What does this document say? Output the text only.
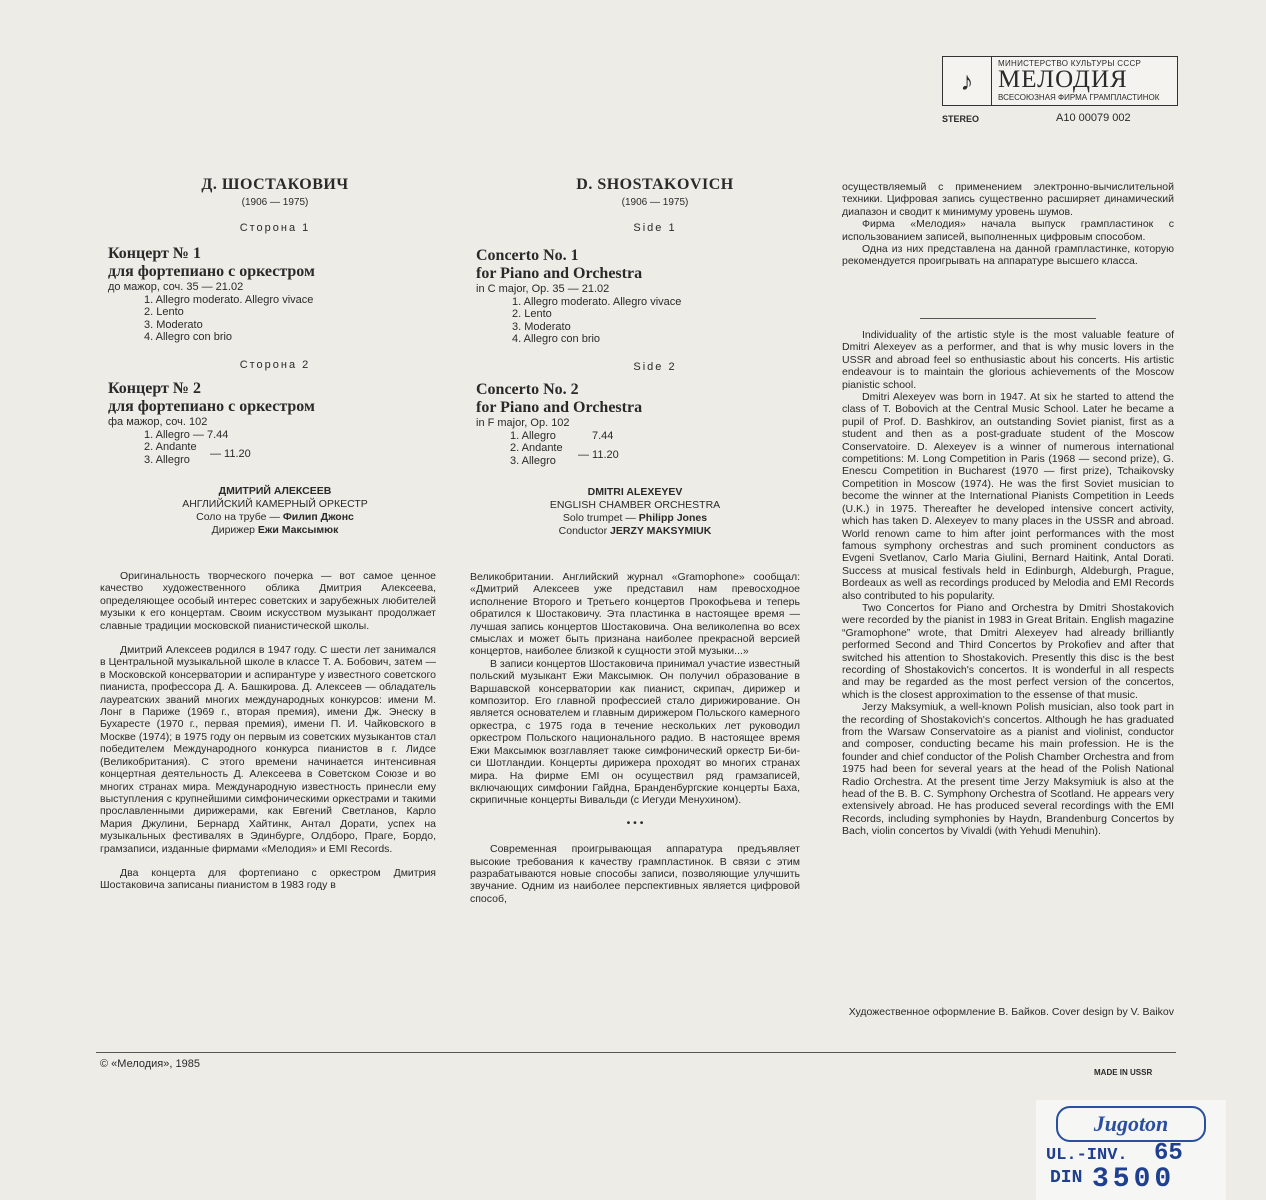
♪
МИНИСТЕРСТВО КУЛЬТУРЫ СССР
МЕЛОДИЯ
ВСЕСОЮЗНАЯ ФИРМА ГРАМПЛАСТИНОК
STEREO	А10 00079 002
Д. ШОСТАКОВИЧ
(1906 — 1975)
Сторона 1
Концерт № 1
для фортепиано с оркестром
до мажор, соч. 35 — 21.02
1. Allegro moderato. Allegro vivace
2. Lento
3. Moderato
4. Allegro con brio
Сторона 2
Концерт № 2
для фортепиано с оркестром
фа мажор, соч. 102
1. Allegro — 7.44
2. Andante
3. Allegro	— 11.20
ДМИТРИЙ АЛЕКСЕЕВ
АНГЛИЙСКИЙ КАМЕРНЫЙ ОРКЕСТР
Соло на трубе — Филип Джонс
Дирижер Ежи Максымюк
D. SHOSTAKOVICH
(1906 — 1975)
Side 1
Concerto No. 1
for Piano and Orchestra
in C major, Op. 35 — 21.02
1. Allegro moderato. Allegro vivace
2. Lento
3. Moderato
4. Allegro con brio
Side 2
Concerto No. 2
for Piano and Orchestra
in F major, Op. 102
1. Allegro
2. Andante
3. Allegro
7.44
— 11.20
DMITRI ALEXEYEV
ENGLISH CHAMBER ORCHESTRA
Solo trumpet — Philipp Jones
Conductor JERZY MAKSYMIUK

Оригинальность творческого почерка — вот самое ценное качество художественного облика Дмитрия Алексеева, определяющее особый интерес советских и зарубежных любителей музыки к его концертам. Своим искусством музыкант продолжает славные традиции московской пианистической школы.

Дмитрий Алексеев родился в 1947 году. С шести лет занимался в Центральной музыкальной школе в классе Т. А. Бобович, затем — в Московской консерватории и аспирантуре у известного советского пианиста, профессора Д. А. Башкирова. Д. Алексеев — обладатель лауреатских званий многих международных конкурсов: имени М. Лонг в Париже (1969 г., вторая премия), имени Дж. Энеску в Бухаресте (1970 г., первая премия), имени П. И. Чайковского в Москве (1974); в 1975 году он первым из советских музыкантов стал победителем Международного конкурса пианистов в г. Лидсе (Великобритания). С этого времени начинается интенсивная концертная деятельность Д. Алексеева в Советском Союзе и во многих странах мира. Международную известность принесли ему выступления с крупнейшими симфоническими оркестрами и такими прославленными дирижерами, как Евгений Светланов, Карло Мария Джулини, Бернард Хайтинк, Антал Дорати, успех на музыкальных фестивалях в Эдинбурге, Олдборо, Праге, Бордо, грамзаписи, изданные фирмами «Мелодия» и EMI Records.

Два концерта для фортепиано с оркестром Дмитрия Шостаковича записаны пианистом в 1983 году в

Великобритании. Английский журнал «Gramophone» сообщал: «Дмитрий Алексеев уже представил нам превосходное исполнение Второго и Третьего концертов Прокофьева и теперь обратился к Шостаковичу. Эта пластинка в настоящее время — лучшая запись концертов Шостаковича. Она великолепна во всех смыслах и может быть признана наиболее прекрасной версией концертов, наиболее близкой к сущности этой музыки...»

В записи концертов Шостаковича принимал участие известный польский музыкант Ежи Максымюк. Он получил образование в Варшавской консерватории как пианист, скрипач, дирижер и композитор. Его главной профессией стало дирижирование. Он является основателем и главным дирижером Польского камерного оркестра, с 1975 года в течение нескольких лет руководил оркестром Польского национального радио. В настоящее время Ежи Максымюк возглавляет также симфонический оркестр Би-би-си Шотландии. Концерты дирижера проходят во многих странах мира. На фирме EMI он осуществил ряд грамзаписей, включающих симфонии Гайдна, Бранденбургские концерты Баха, скрипичные концерты Вивальди (с Иегуди Менухином).

• • •

Современная проигрывающая аппаратура предъявляет высокие требования к качеству грампластинок. В связи с этим разрабатываются новые способы записи, позволяющие улучшить звучание. Одним из наиболее перспективных является цифровой способ,

осуществляемый с применением электронно-вычислительной техники. Цифровая запись существенно расширяет динамический диапазон и сводит к минимуму уровень шумов.

Фирма «Мелодия» начала выпуск грампластинок с использованием записей, выполненных цифровым способом.

Одна из них представлена на данной грампластинке, которую рекомендуется проигрывать на аппаратуре высшего класса.

Individuality of the artistic style is the most valuable feature of Dmitri Alexeyev as a performer, and that is why music lovers in the USSR and abroad feel so enthusiastic about his concerts. His artistic endeavour is to maintain the glorious achievements of the Moscow pianistic school.

Dmitri Alexeyev was born in 1947. At six he started to attend the class of T. Bobovich at the Central Music School. Later he became a pupil of Prof. D. Bashkirov, an outstanding Soviet pianist, first as a student and then as a post-graduate student of the Moscow Conservatoire. D. Alexeyev is a winner of numerous international competitions: M. Long Competition in Paris (1968 — second prize), G. Enescu Competition in Bucharest (1970 — first prize), Tchaikovsky Competition in Moscow (1974). He was the first Soviet musician to become the winner at the International Pianists Competition in Leeds (U.K.) in 1975. Thereafter he developed intensive concert activity, which has taken D. Alexeyev to many places in the USSR and abroad. World renown came to him after joint performances with the most famous symphony orchestras and such prominent conductors as Evgeni Svetlanov, Carlo Maria Giulini, Bernard Haitink, Antal Dorati. Success at musical festivals held in Edinburgh, Aldeburgh, Prague, Bordeaux as well as recordings produced by Melodia and EMI Records also contributed to his popularity.

Two Concertos for Piano and Orchestra by Dmitri Shostakovich were recorded by the pianist in 1983 in Great Britain. English magazine “Gramophone” wrote, that Dmitri Alexeyev had already brilliantly performed Second and Third Concertos by Prokofiev and after that switched his attention to Shostakovich. Presently this disc is the best recording of Shostakovich's concertos. It is wonderful in all respects and may be regarded as the most perfect version of the concertos, which is the closest approximation to the essense of that music.

Jerzy Maksymiuk, a well-known Polish musician, also took part in the recording of Shostakovich's concertos. Although he has graduated from the Warsaw Conservatoire as a pianist and violinist, conductor and composer, conducting became his main profession. He is the founder and chief conductor of the Polish Chamber Orchestra and from 1975 had been for several years at the head of the Polish National Radio Orchestra. At the present time Jerzy Maksymiuk is also at the head of the B. B. C. Symphony Orchestra of Scotland. He appears very extensively abroad. He has produced several recordings with the EMI Records, including symphonies by Haydn, Brandenburg Concertos by Bach, violin concertos by Vivaldi (with Yehudi Menuhin).

Художественное оформление В. Байков. Cover design by V. Baikov
© «Мелодия», 1985
MADE IN USSR
Jugoton
UL.-INV. 65
DIN 3500
